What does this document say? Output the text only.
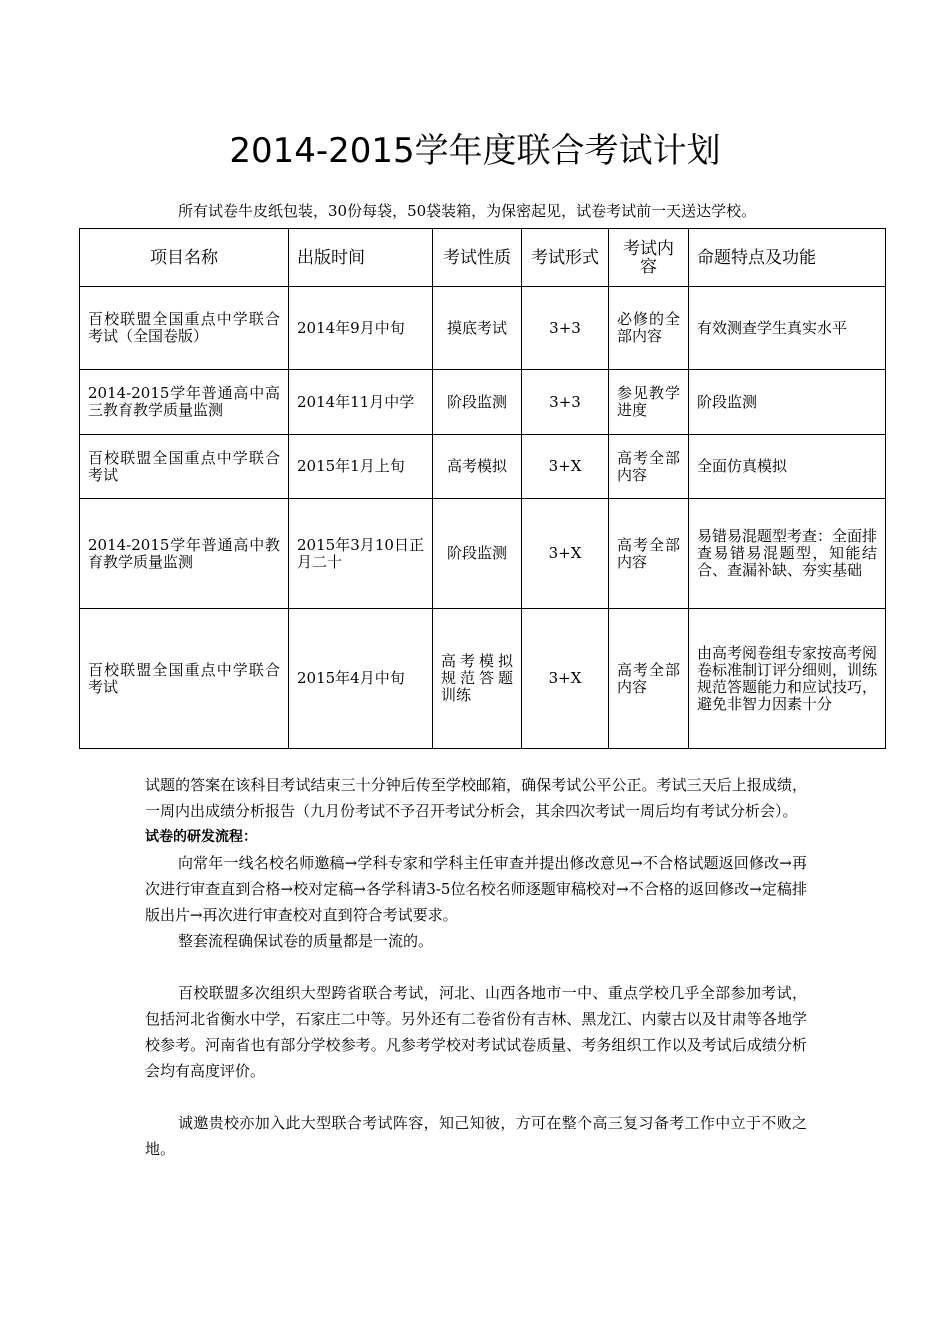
2014-2015学年度联合考试计划
所有试卷牛皮纸包装，30份每袋，50袋装箱，为保密起见，试卷考试前一天送达学校。
项目名称	出版时间	考试性质	考试形式	考试内容	命题特点及功能
百校联盟全国重点中学联合考试（全国卷版）	2014年9月中旬	摸底考试	3+3	必修的全部内容	有效测查学生真实水平
2014-2015学年普通高中高三教育教学质量监测	2014年11月中学	阶段监测	3+3	参见教学进度	阶段监测
百校联盟全国重点中学联合考试	2015年1月上旬	高考模拟	3+X	高考全部内容	全面仿真模拟
2014-2015学年普通高中教育教学质量监测	2015年3月10日正月二十	阶段监测	3+X	高考全部内容	易错易混题型考查：全面排查易错易混题型，知能结合、查漏补缺、夯实基础
百校联盟全国重点中学联合考试	2015年4月中旬	高考模拟规范答题训练	3+X	高考全部内容	由高考阅卷组专家按高考阅卷标准制订评分细则，训练规范答题能力和应试技巧，避免非智力因素十分

试题的答案在该科目考试结束三十分钟后传至学校邮箱，确保考试公平公正。考试三天后上报成绩，一周内出成绩分析报告（九月份考试不予召开考试分析会，其余四次考试一周后均有考试分析会）。

试卷的研发流程：

向常年一线名校名师邀稿→学科专家和学科主任审查并提出修改意见→不合格试题返回修改→再次进行审查直到合格→校对定稿→各学科请3-5位名校名师逐题审稿校对→不合格的返回修改→定稿排版出片→再次进行审查校对直到符合考试要求。

整套流程确保试卷的质量都是一流的。

百校联盟多次组织大型跨省联合考试，河北、山西各地市一中、重点学校几乎全部参加考试，包括河北省衡水中学，石家庄二中等。另外还有二卷省份有吉林、黑龙江、内蒙古以及甘肃等各地学校参考。河南省也有部分学校参考。凡参考学校对考试试卷质量、考务组织工作以及考试后成绩分析会均有高度评价。

诚邀贵校亦加入此大型联合考试阵容，知己知彼，方可在整个高三复习备考工作中立于不败之地。
